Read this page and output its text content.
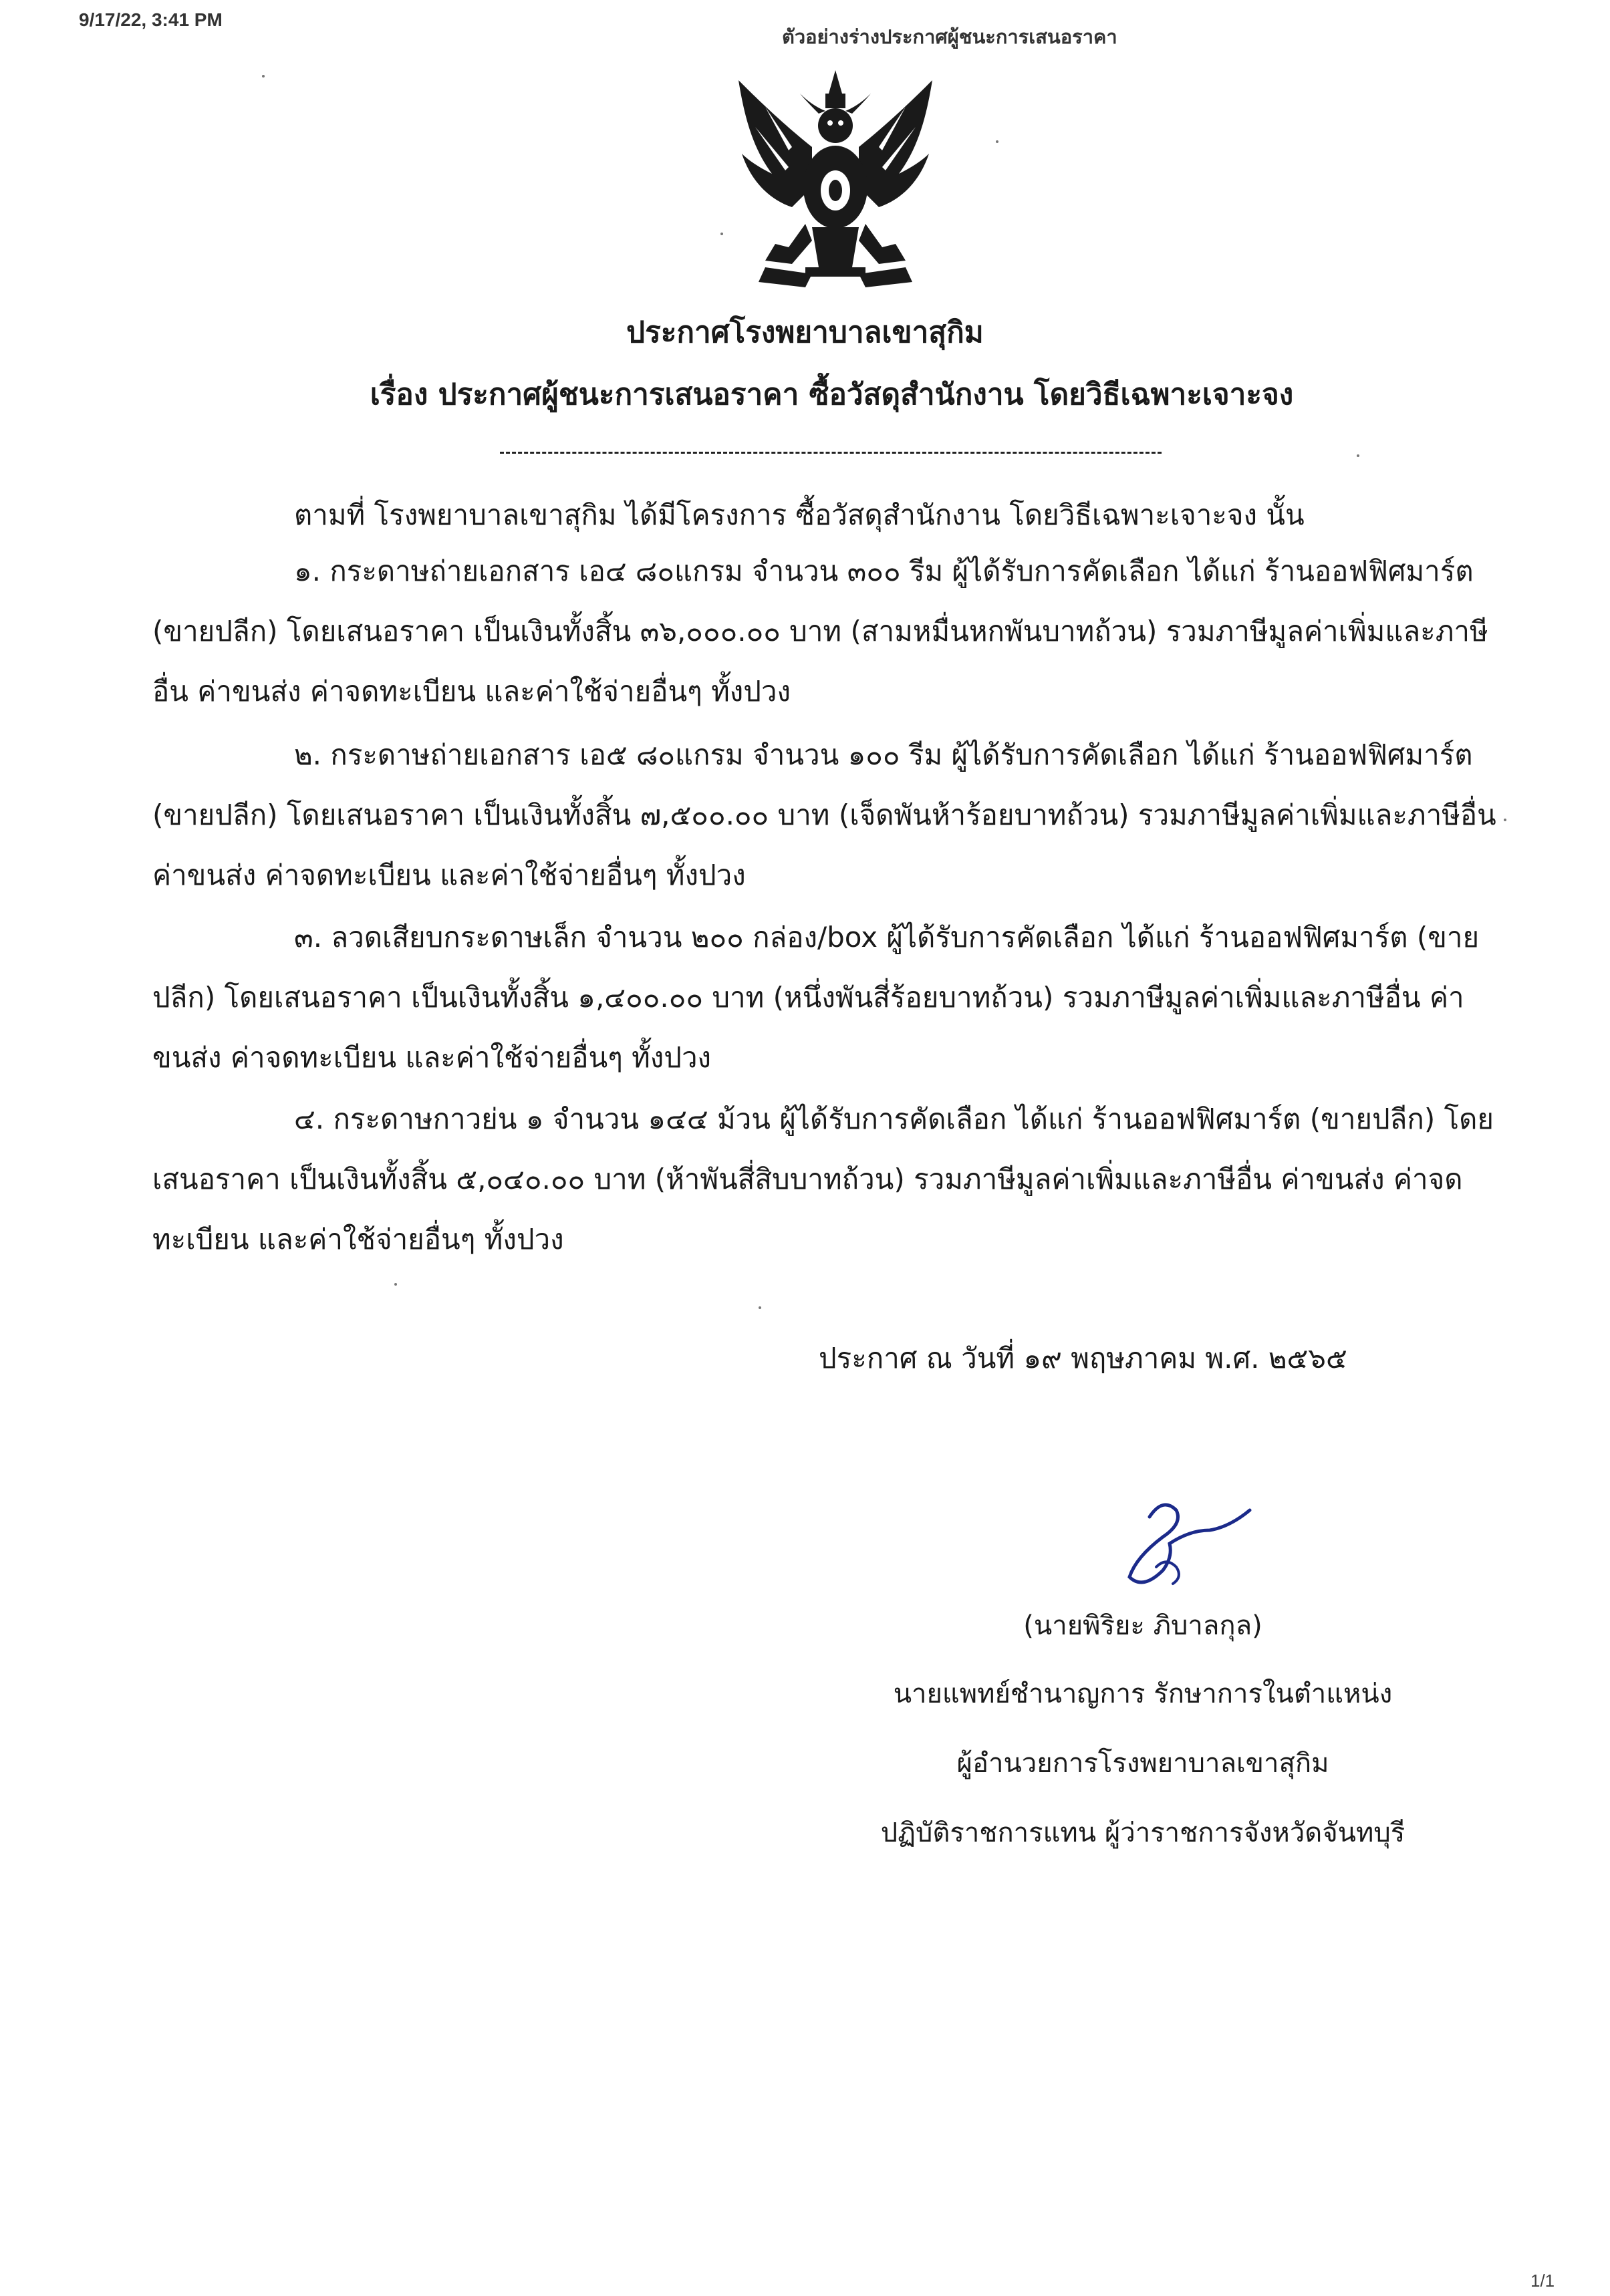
9/17/22, 3:41 PM
ตัวอย่างร่างประกาศผู้ชนะการเสนอราคา
ประกาศโรงพยาบาลเขาสุกิม
เรื่อง ประกาศผู้ชนะการเสนอราคา ซื้อวัสดุสำนักงาน โดยวิธีเฉพาะเจาะจง
ตามที่ โรงพยาบาลเขาสุกิม ได้มีโครงการ ซื้อวัสดุสำนักงาน โดยวิธีเฉพาะเจาะจง นั้น
๑. กระดาษถ่ายเอกสาร เอ๔ ๘๐แกรม จำนวน ๓๐๐ รีม ผู้ได้รับการคัดเลือก ได้แก่ ร้านออฟฟิศมาร์ต
(ขายปลีก) โดยเสนอราคา เป็นเงินทั้งสิ้น ๓๖,๐๐๐.๐๐ บาท (สามหมื่นหกพันบาทถ้วน) รวมภาษีมูลค่าเพิ่มและภาษี
อื่น ค่าขนส่ง ค่าจดทะเบียน และค่าใช้จ่ายอื่นๆ ทั้งปวง
๒. กระดาษถ่ายเอกสาร เอ๕ ๘๐แกรม จำนวน ๑๐๐ รีม ผู้ได้รับการคัดเลือก ได้แก่ ร้านออฟฟิศมาร์ต
(ขายปลีก) โดยเสนอราคา เป็นเงินทั้งสิ้น ๗,๕๐๐.๐๐ บาท (เจ็ดพันห้าร้อยบาทถ้วน) รวมภาษีมูลค่าเพิ่มและภาษีอื่น
ค่าขนส่ง ค่าจดทะเบียน และค่าใช้จ่ายอื่นๆ ทั้งปวง
๓. ลวดเสียบกระดาษเล็ก จำนวน ๒๐๐ กล่อง/box ผู้ได้รับการคัดเลือก ได้แก่ ร้านออฟฟิศมาร์ต (ขาย
ปลีก) โดยเสนอราคา เป็นเงินทั้งสิ้น ๑,๔๐๐.๐๐ บาท (หนึ่งพันสี่ร้อยบาทถ้วน) รวมภาษีมูลค่าเพิ่มและภาษีอื่น ค่า
ขนส่ง ค่าจดทะเบียน และค่าใช้จ่ายอื่นๆ ทั้งปวง
๔. กระดาษกาวย่น ๑ จำนวน ๑๔๔ ม้วน ผู้ได้รับการคัดเลือก ได้แก่ ร้านออฟฟิศมาร์ต (ขายปลีก) โดย
เสนอราคา เป็นเงินทั้งสิ้น ๕,๐๔๐.๐๐ บาท (ห้าพันสี่สิบบาทถ้วน) รวมภาษีมูลค่าเพิ่มและภาษีอื่น ค่าขนส่ง ค่าจด
ทะเบียน และค่าใช้จ่ายอื่นๆ ทั้งปวง
ประกาศ ณ วันที่ ๑๙ พฤษภาคม พ.ศ. ๒๕๖๕
(นายพิริยะ ภิบาลกุล)
นายแพทย์ชำนาญการ รักษาการในตำแหน่ง
ผู้อำนวยการโรงพยาบาลเขาสุกิม
ปฏิบัติราชการแทน ผู้ว่าราชการจังหวัดจันทบุรี
1/1
